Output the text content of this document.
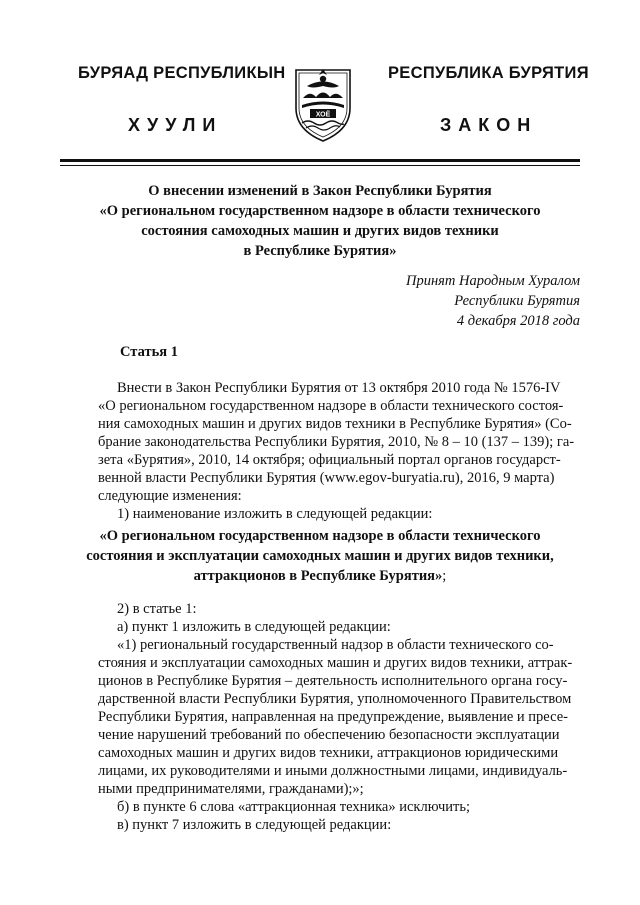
БУРЯАД РЕСПУБЛИКЫН	РЕСПУБЛИКА БУРЯТИЯ
ХУУЛИ	ЗАКОН
ХОЁ
О внесении изменений в Закон Республики Бурятия
«О региональном государственном надзоре в области технического
состояния самоходных машин и других видов техники
в Республике Бурятия»
Принят Народным Хуралом
Республики Бурятия
4 декабря 2018 года
Статья 1
Внести в Закон Республики Бурятия от 13 октября 2010 года № 1576-IV
«О региональном государственном надзоре в области технического состоя-
ния самоходных машин и других видов техники в Республике Бурятия» (Со-
брание законодательства Республики Бурятия, 2010, № 8 – 10 (137 – 139); га-
зета «Бурятия», 2010, 14 октября; официальный портал органов государст-
венной власти Республики Бурятия (www.egov-buryatia.ru), 2016, 9 марта)
следующие изменения:
1) наименование изложить в следующей редакции:
«О региональном государственном надзоре в области технического
состояния и эксплуатации самоходных машин и других видов техники,
аттракционов в Республике Бурятия»;
2) в статье 1:
а) пункт 1 изложить в следующей редакции:
«1) региональный государственный надзор в области технического со-
стояния и эксплуатации самоходных машин и других видов техники, аттрак-
ционов в Республике Бурятия – деятельность исполнительного органа госу-
дарственной власти Республики Бурятия, уполномоченного Правительством
Республики Бурятия, направленная на предупреждение, выявление и пресе-
чение нарушений требований по обеспечению безопасности эксплуатации
самоходных машин и других видов техники, аттракционов юридическими
лицами, их руководителями и иными должностными лицами, индивидуаль-
ными предпринимателями, гражданами);»;
б) в пункте 6 слова «аттракционная техника» исключить;
в) пункт 7 изложить в следующей редакции:
